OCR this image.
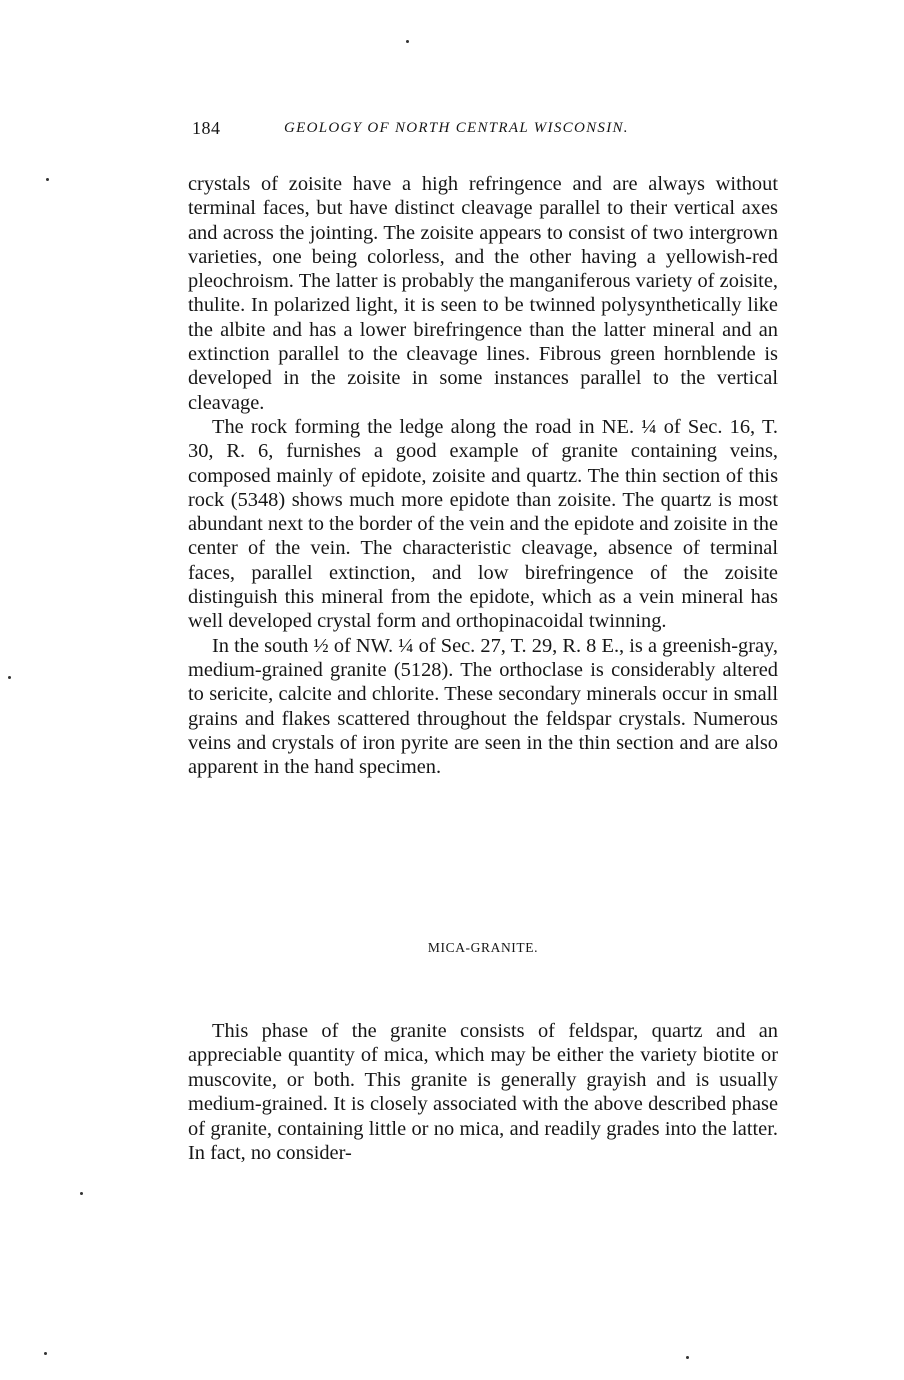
184	GEOLOGY OF NORTH CENTRAL WISCONSIN.

crystals of zoisite have a high refringence and are always without terminal faces, but have distinct cleavage parallel to their vertical axes and across the jointing. The zoisite appears to consist of two intergrown varieties, one being colorless, and the other having a yellowish-red pleochroism. The latter is probably the manganiferous variety of zoisite, thulite. In polarized light, it is seen to be twinned polysynthetically like the albite and has a lower birefringence than the latter mineral and an extinction parallel to the cleavage lines. Fibrous green hornblende is developed in the zoisite in some instances parallel to the vertical cleavage.

The rock forming the ledge along the road in NE. ¼ of Sec. 16, T. 30, R. 6, furnishes a good example of granite containing veins, composed mainly of epidote, zoisite and quartz. The thin section of this rock (5348) shows much more epidote than zoisite. The quartz is most abundant next to the border of the vein and the epidote and zoisite in the center of the vein. The characteristic cleavage, absence of terminal faces, parallel extinction, and low birefringence of the zoisite distinguish this mineral from the epidote, which as a vein mineral has well developed crystal form and orthopinacoidal twinning.

In the south ½ of NW. ¼ of Sec. 27, T. 29, R. 8 E., is a greenish-gray, medium-grained granite (5128). The orthoclase is considerably altered to sericite, calcite and chlorite. These secondary minerals occur in small grains and flakes scattered throughout the feldspar crystals. Numerous veins and crystals of iron pyrite are seen in the thin section and are also apparent in the hand specimen.

MICA-GRANITE.

This phase of the granite consists of feldspar, quartz and an appreciable quantity of mica, which may be either the variety biotite or muscovite, or both. This granite is generally grayish and is usually medium-grained. It is closely associated with the above described phase of granite, containing little or no mica, and readily grades into the latter. In fact, no consider-
